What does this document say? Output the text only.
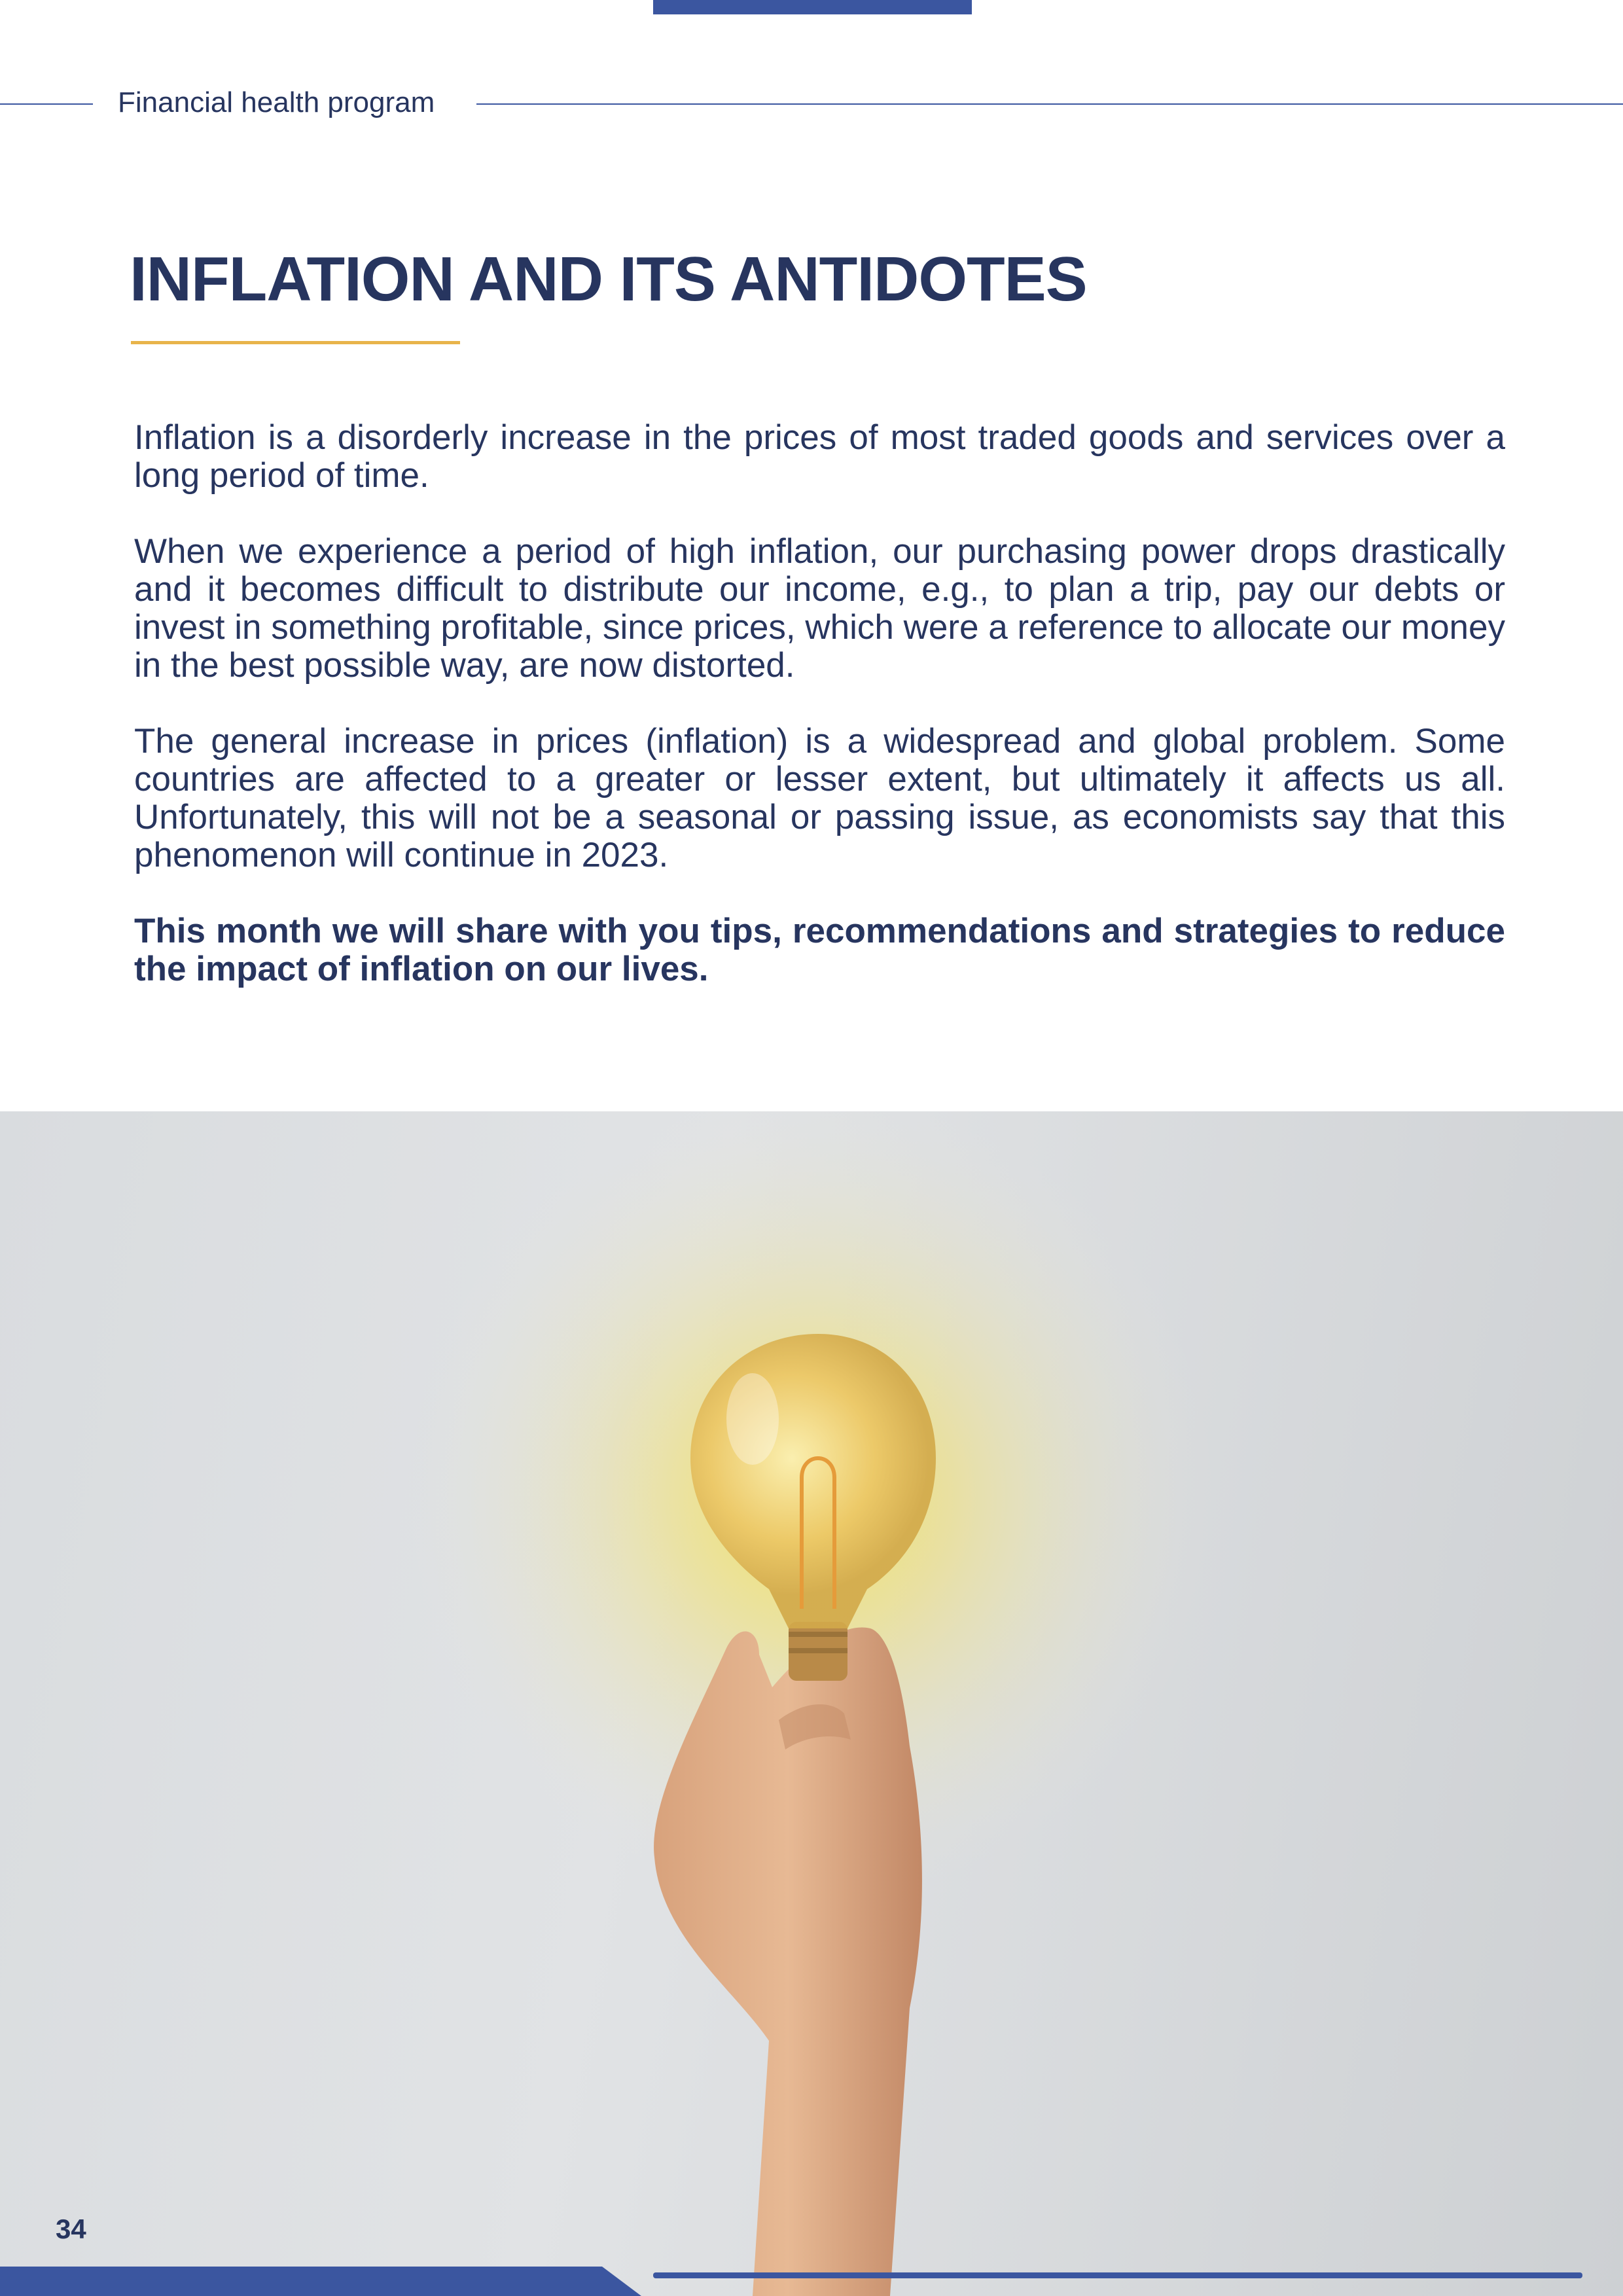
Financial health program
INFLATION AND ITS ANTIDOTES

Inflation is a disorderly increase in the prices of most traded goods and services over a long period of time.

When we experience a period of high inflation, our purchasing power drops drastically and it becomes difficult to distribute our income, e.g., to plan a trip, pay our debts or invest in something profitable, since prices, which were a reference to allocate our money in the best possible way, are now distorted.

The general increase in prices (inflation) is a widespread and global problem. Some countries are affected to a greater or lesser extent, but ultimately it affects us all. Unfortunately, this will not be a seasonal or passing issue, as economists say that this phenomenon will continue in 2023.

This month we will share with you tips, recommendations and strategies to reduce the impact of inflation on our lives.

34
